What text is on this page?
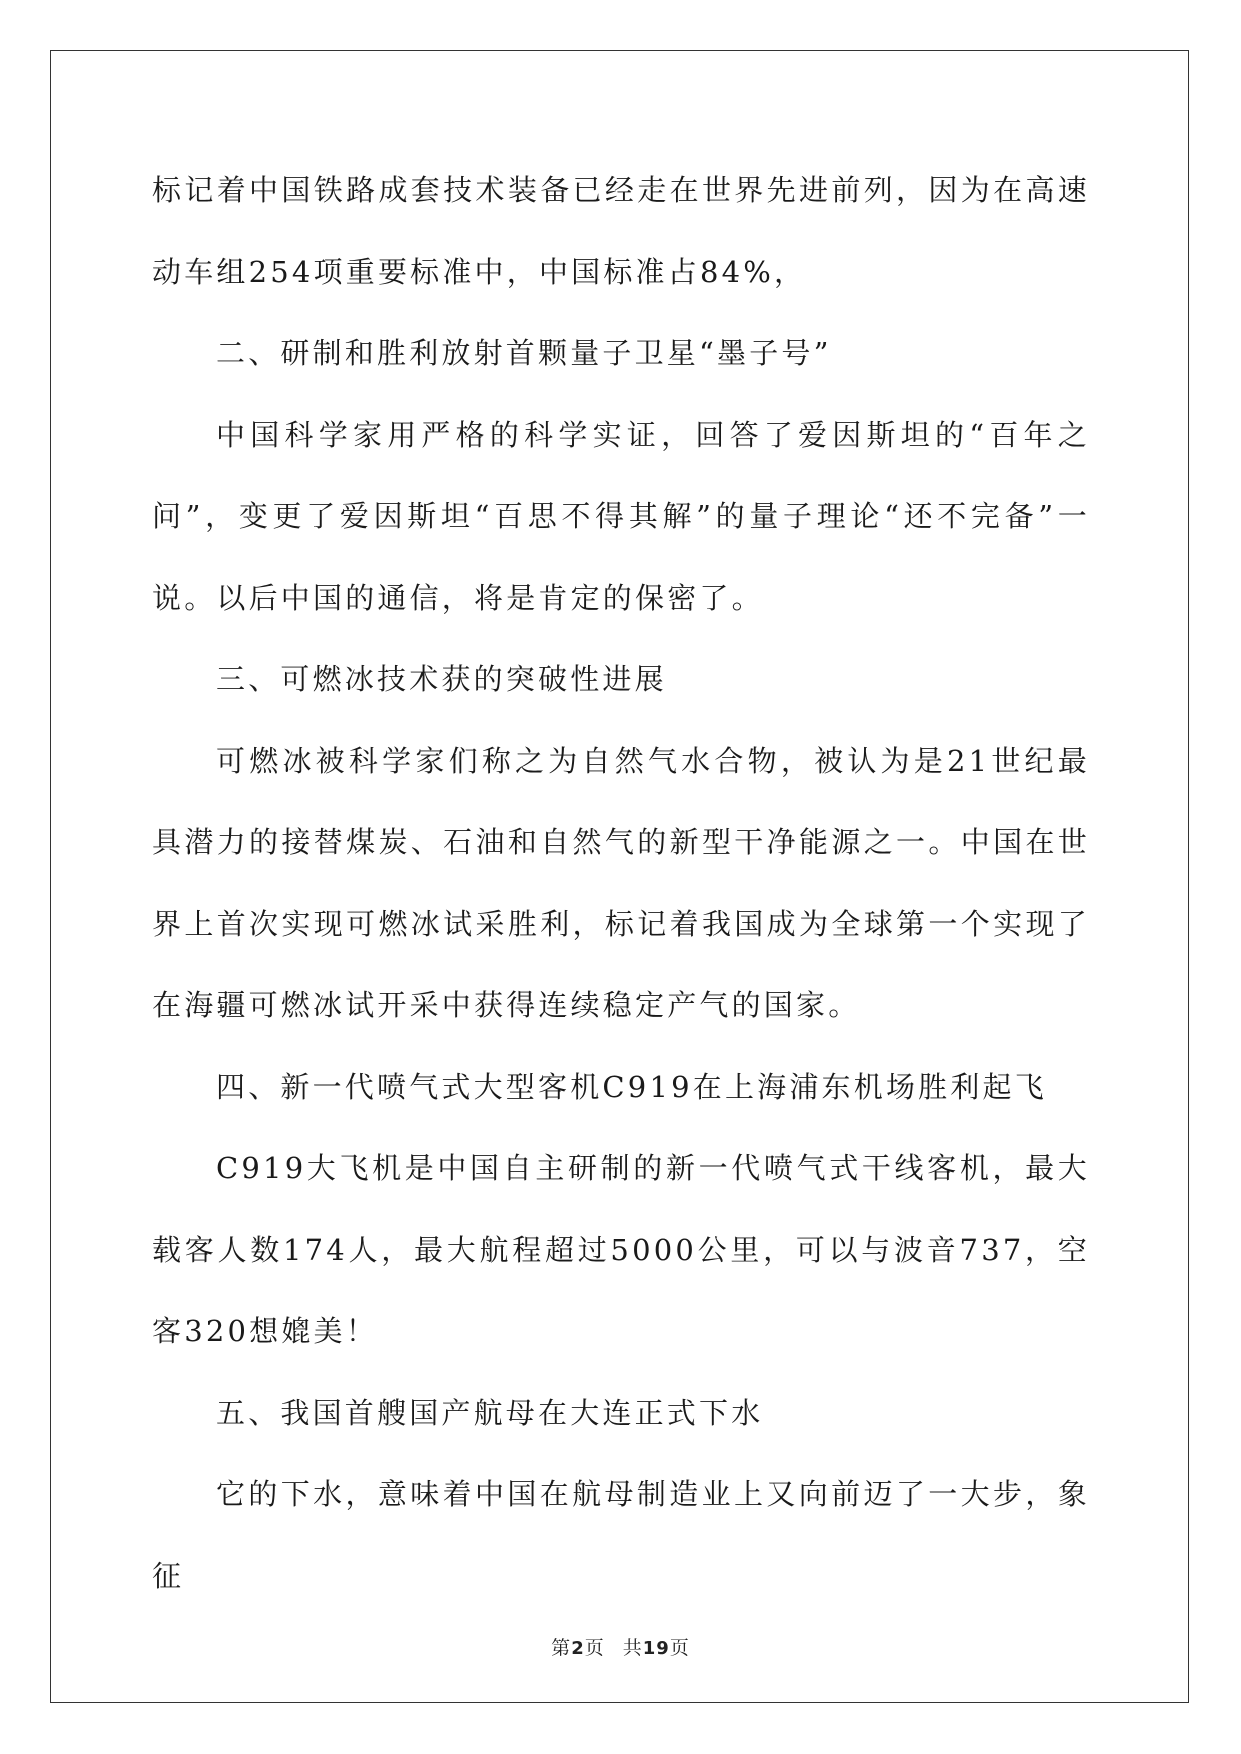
标记着中国铁路成套技术装备已经走在世界先进前列，因为在高速动车组254项重要标准中，中国标准占84%，

二、研制和胜利放射首颗量子卫星“墨子号”

中国科学家用严格的科学实证，回答了爱因斯坦的“百年之问”，变更了爱因斯坦“百思不得其解”的量子理论“还不完备”一说。以后中国的通信，将是肯定的保密了。

三、可燃冰技术获的突破性进展

可燃冰被科学家们称之为自然气水合物，被认为是21世纪最具潜力的接替煤炭、石油和自然气的新型干净能源之一。中国在世界上首次实现可燃冰试采胜利，标记着我国成为全球第一个实现了在海疆可燃冰试开采中获得连续稳定产气的国家。

四、新一代喷气式大型客机C919在上海浦东机场胜利起飞

C919大飞机是中国自主研制的新一代喷气式干线客机，最大载客人数174人，最大航程超过5000公里，可以与波音737，空客320想媲美！

五、我国首艘国产航母在大连正式下水

它的下水，意味着中国在航母制造业上又向前迈了一大步，象征

第2页 共19页
